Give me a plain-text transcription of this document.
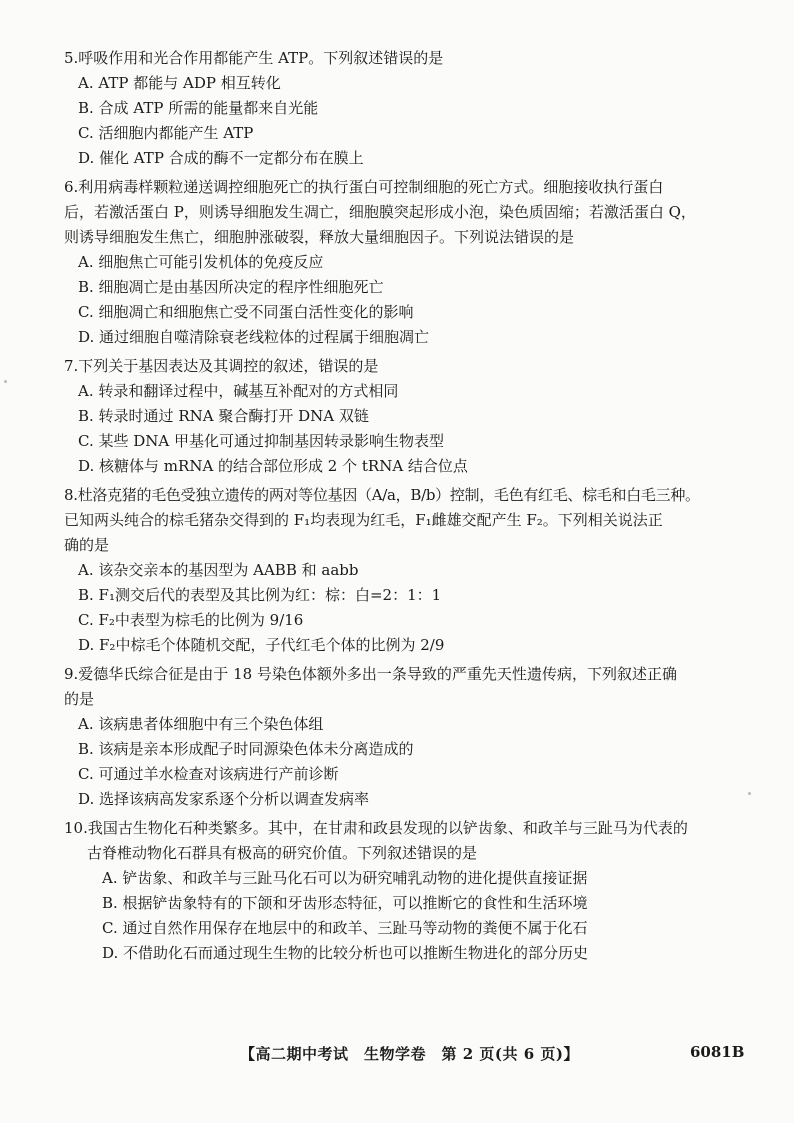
5.呼吸作用和光合作用都能产生 ATP。下列叙述错误的是

A. ATP 都能与 ADP 相互转化

B. 合成 ATP 所需的能量都来自光能

C. 活细胞内都能产生 ATP

D. 催化 ATP 合成的酶不一定都分布在膜上

6.利用病毒样颗粒递送调控细胞死亡的执行蛋白可控制细胞的死亡方式。细胞接收执行蛋白

后，若激活蛋白 P，则诱导细胞发生凋亡，细胞膜突起形成小泡，染色质固缩；若激活蛋白 Q，

则诱导细胞发生焦亡，细胞肿涨破裂，释放大量细胞因子。下列说法错误的是

A. 细胞焦亡可能引发机体的免疫反应

B. 细胞凋亡是由基因所决定的程序性细胞死亡

C. 细胞凋亡和细胞焦亡受不同蛋白活性变化的影响

D. 通过细胞自噬清除衰老线粒体的过程属于细胞凋亡

7.下列关于基因表达及其调控的叙述，错误的是

A. 转录和翻译过程中，碱基互补配对的方式相同

B. 转录时通过 RNA 聚合酶打开 DNA 双链

C. 某些 DNA 甲基化可通过抑制基因转录影响生物表型

D. 核糖体与 mRNA 的结合部位形成 2 个 tRNA 结合位点

8.杜洛克猪的毛色受独立遗传的两对等位基因（A/a，B/b）控制，毛色有红毛、棕毛和白毛三种。

已知两头纯合的棕毛猪杂交得到的 F₁均表现为红毛，F₁雌雄交配产生 F₂。下列相关说法正

确的是

A. 该杂交亲本的基因型为 AABB 和 aabb

B. F₁测交后代的表型及其比例为红：棕：白=2：1：1

C. F₂中表型为棕毛的比例为 9/16

D. F₂中棕毛个体随机交配，子代红毛个体的比例为 2/9

9.爱德华氏综合征是由于 18 号染色体额外多出一条导致的严重先天性遗传病，下列叙述正确

的是

A. 该病患者体细胞中有三个染色体组

B. 该病是亲本形成配子时同源染色体未分离造成的

C. 可通过羊水检查对该病进行产前诊断

D. 选择该病高发家系逐个分析以调查发病率

10.我国古生物化石种类繁多。其中，在甘肃和政县发现的以铲齿象、和政羊与三趾马为代表的

古脊椎动物化石群具有极高的研究价值。下列叙述错误的是

A. 铲齿象、和政羊与三趾马化石可以为研究哺乳动物的进化提供直接证据

B. 根据铲齿象特有的下颌和牙齿形态特征，可以推断它的食性和生活环境

C. 通过自然作用保存在地层中的和政羊、三趾马等动物的粪便不属于化石

D. 不借助化石而通过现生生物的比较分析也可以推断生物进化的部分历史

【高二期中考试　生物学卷　第 2 页(共 6 页)】	6081B
